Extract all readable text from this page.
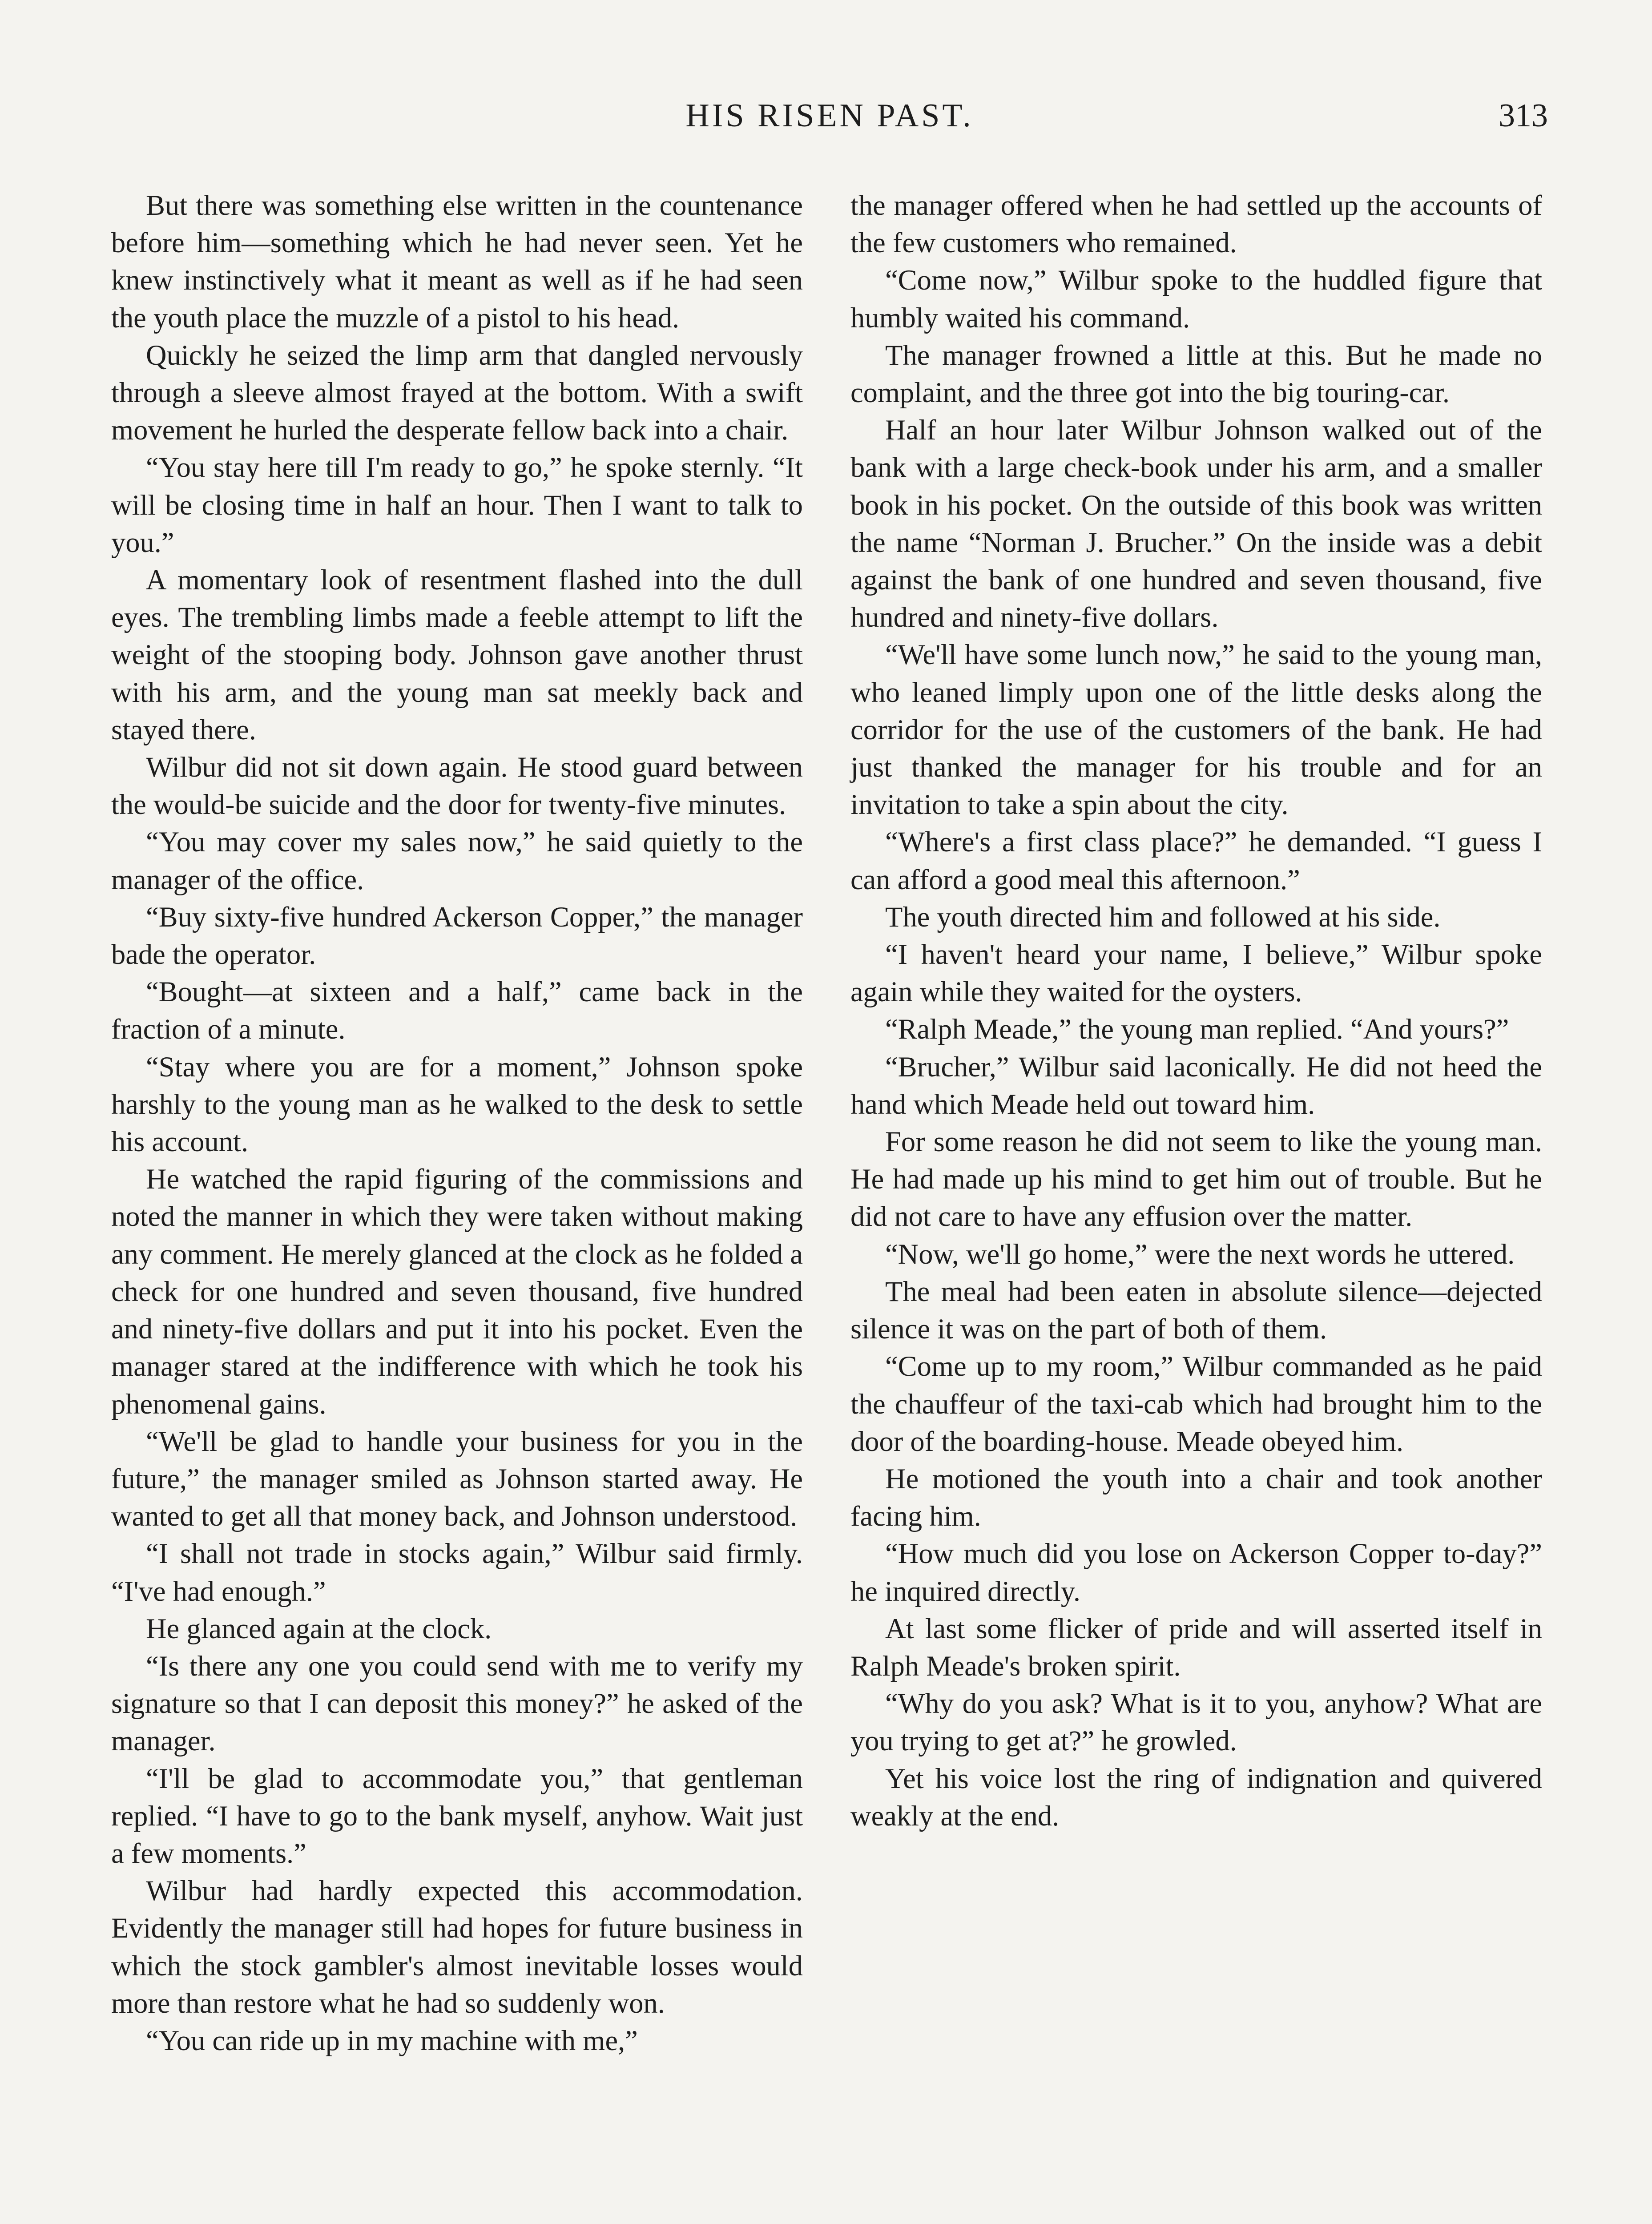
HIS RISEN PAST.	313

But there was something else written in the countenance before him—something which he had never seen. Yet he knew instinctively what it meant as well as if he had seen the youth place the muzzle of a pistol to his head.

Quickly he seized the limp arm that dangled nervously through a sleeve almost frayed at the bottom. With a swift movement he hurled the desperate fellow back into a chair.

“You stay here till I'm ready to go,” he spoke sternly. “It will be closing time in half an hour. Then I want to talk to you.”

A momentary look of resentment flashed into the dull eyes. The trembling limbs made a feeble attempt to lift the weight of the stooping body. Johnson gave another thrust with his arm, and the young man sat meekly back and stayed there.

Wilbur did not sit down again. He stood guard between the would-be suicide and the door for twenty-five minutes.

“You may cover my sales now,” he said quietly to the manager of the office.

“Buy sixty-five hundred Ackerson Copper,” the manager bade the operator.

“Bought—at sixteen and a half,” came back in the fraction of a minute.

“Stay where you are for a moment,” Johnson spoke harshly to the young man as he walked to the desk to settle his account.

He watched the rapid figuring of the commissions and noted the manner in which they were taken without making any comment. He merely glanced at the clock as he folded a check for one hundred and seven thousand, five hundred and ninety-five dollars and put it into his pocket. Even the manager stared at the indifference with which he took his phenomenal gains.

“We'll be glad to handle your business for you in the future,” the manager smiled as Johnson started away. He wanted to get all that money back, and Johnson understood.

“I shall not trade in stocks again,” Wilbur said firmly. “I've had enough.”

He glanced again at the clock.

“Is there any one you could send with me to verify my signature so that I can deposit this money?” he asked of the manager.

“I'll be glad to accommodate you,” that gentleman replied. “I have to go to the bank myself, anyhow. Wait just a few moments.”

Wilbur had hardly expected this accommodation. Evidently the manager still had hopes for future business in which the stock gambler's almost inevitable losses would more than restore what he had so suddenly won.

“You can ride up in my machine with me,”

the manager offered when he had settled up the accounts of the few customers who remained.

“Come now,” Wilbur spoke to the huddled figure that humbly waited his command.

The manager frowned a little at this. But he made no complaint, and the three got into the big touring-car.

Half an hour later Wilbur Johnson walked out of the bank with a large check-book under his arm, and a smaller book in his pocket. On the outside of this book was written the name “Norman J. Brucher.” On the inside was a debit against the bank of one hundred and seven thousand, five hundred and ninety-five dollars.

“We'll have some lunch now,” he said to the young man, who leaned limply upon one of the little desks along the corridor for the use of the customers of the bank. He had just thanked the manager for his trouble and for an invitation to take a spin about the city.

“Where's a first class place?” he demanded. “I guess I can afford a good meal this afternoon.”

The youth directed him and followed at his side.

“I haven't heard your name, I believe,” Wilbur spoke again while they waited for the oysters.

“Ralph Meade,” the young man replied. “And yours?”

“Brucher,” Wilbur said laconically. He did not heed the hand which Meade held out toward him.

For some reason he did not seem to like the young man. He had made up his mind to get him out of trouble. But he did not care to have any effusion over the matter.

“Now, we'll go home,” were the next words he uttered.

The meal had been eaten in absolute silence—dejected silence it was on the part of both of them.

“Come up to my room,” Wilbur commanded as he paid the chauffeur of the taxi-cab which had brought him to the door of the boarding-house. Meade obeyed him.

He motioned the youth into a chair and took another facing him.

“How much did you lose on Ackerson Copper to-day?” he inquired directly.

At last some flicker of pride and will asserted itself in Ralph Meade's broken spirit.

“Why do you ask? What is it to you, anyhow? What are you trying to get at?” he growled.

Yet his voice lost the ring of indignation and quivered weakly at the end.
